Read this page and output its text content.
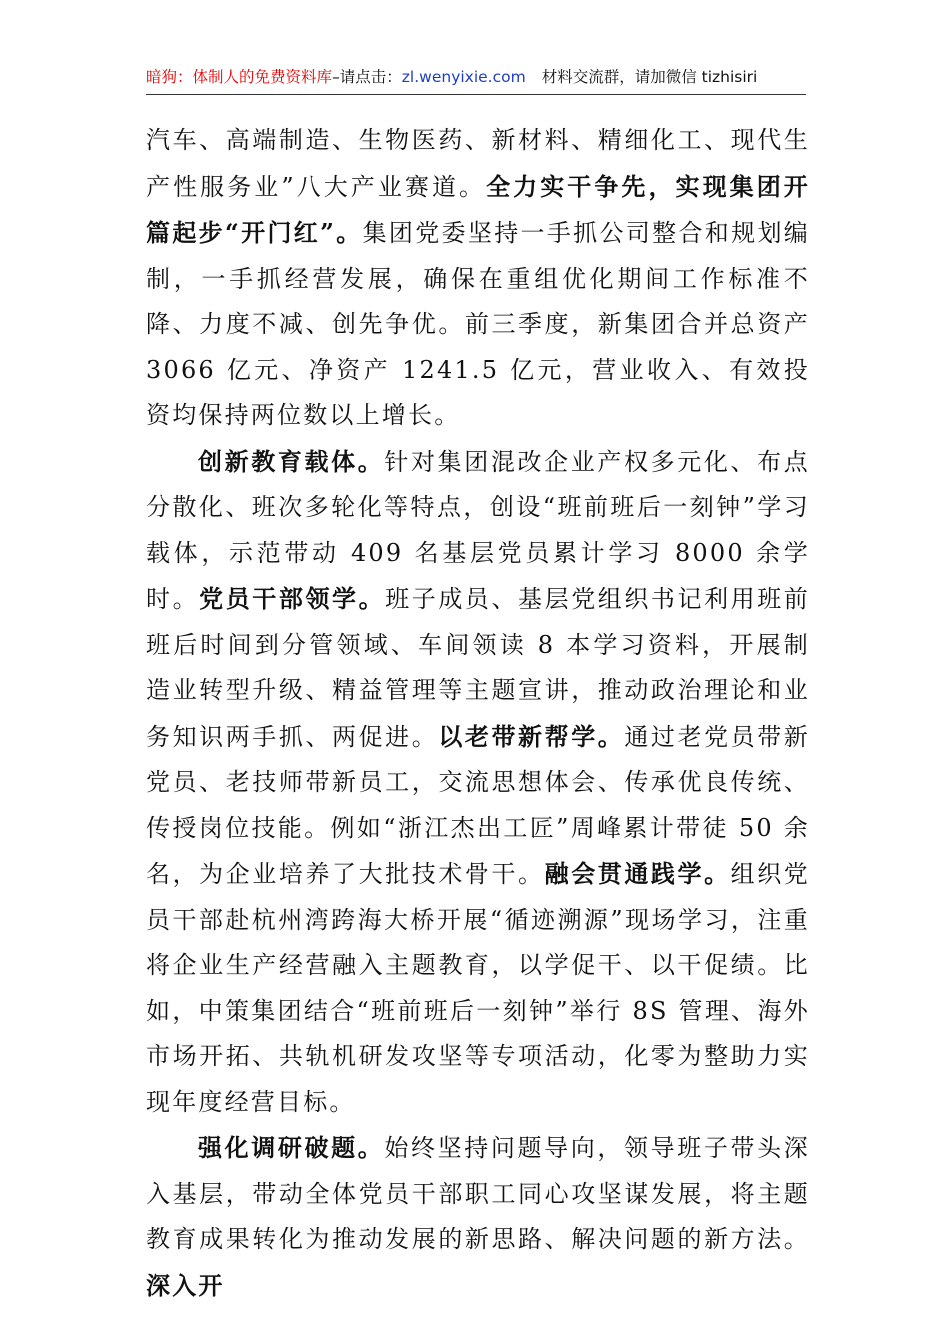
暗狗：体制人的免费资料库–请点击：zl.wenyixie.com 材料交流群，请加微信 tizhisiri

汽车、高端制造、生物医药、新材料、精细化工、现代生产性服务业”八大产业赛道。全力实干争先，实现集团开篇起步“开门红”。集团党委坚持一手抓公司整合和规划编制，一手抓经营发展，确保在重组优化期间工作标准不降、力度不减、创先争优。前三季度，新集团合并总资产 3066 亿元、净资产 1241.5 亿元，营业收入、有效投资均保持两位数以上增长。

创新教育载体。针对集团混改企业产权多元化、布点分散化、班次多轮化等特点，创设“班前班后一刻钟”学习载体，示范带动 409 名基层党员累计学习 8000 余学时。党员干部领学。班子成员、基层党组织书记利用班前班后时间到分管领域、车间领读 8 本学习资料，开展制造业转型升级、精益管理等主题宣讲，推动政治理论和业务知识两手抓、两促进。以老带新帮学。通过老党员带新党员、老技师带新员工，交流思想体会、传承优良传统、传授岗位技能。例如“浙江杰出工匠”周峰累计带徒 50 余名，为企业培养了大批技术骨干。融会贯通践学。组织党员干部赴杭州湾跨海大桥开展“循迹溯源”现场学习，注重将企业生产经营融入主题教育，以学促干、以干促绩。比如，中策集团结合“班前班后一刻钟”举行 8S 管理、海外市场开拓、共轨机研发攻坚等专项活动，化零为整助力实现年度经营目标。

强化调研破题。始终坚持问题导向，领导班子带头深入基层，带动全体党员干部职工同心攻坚谋发展，将主题教育成果转化为推动发展的新思路、解决问题的新方法。深入开
